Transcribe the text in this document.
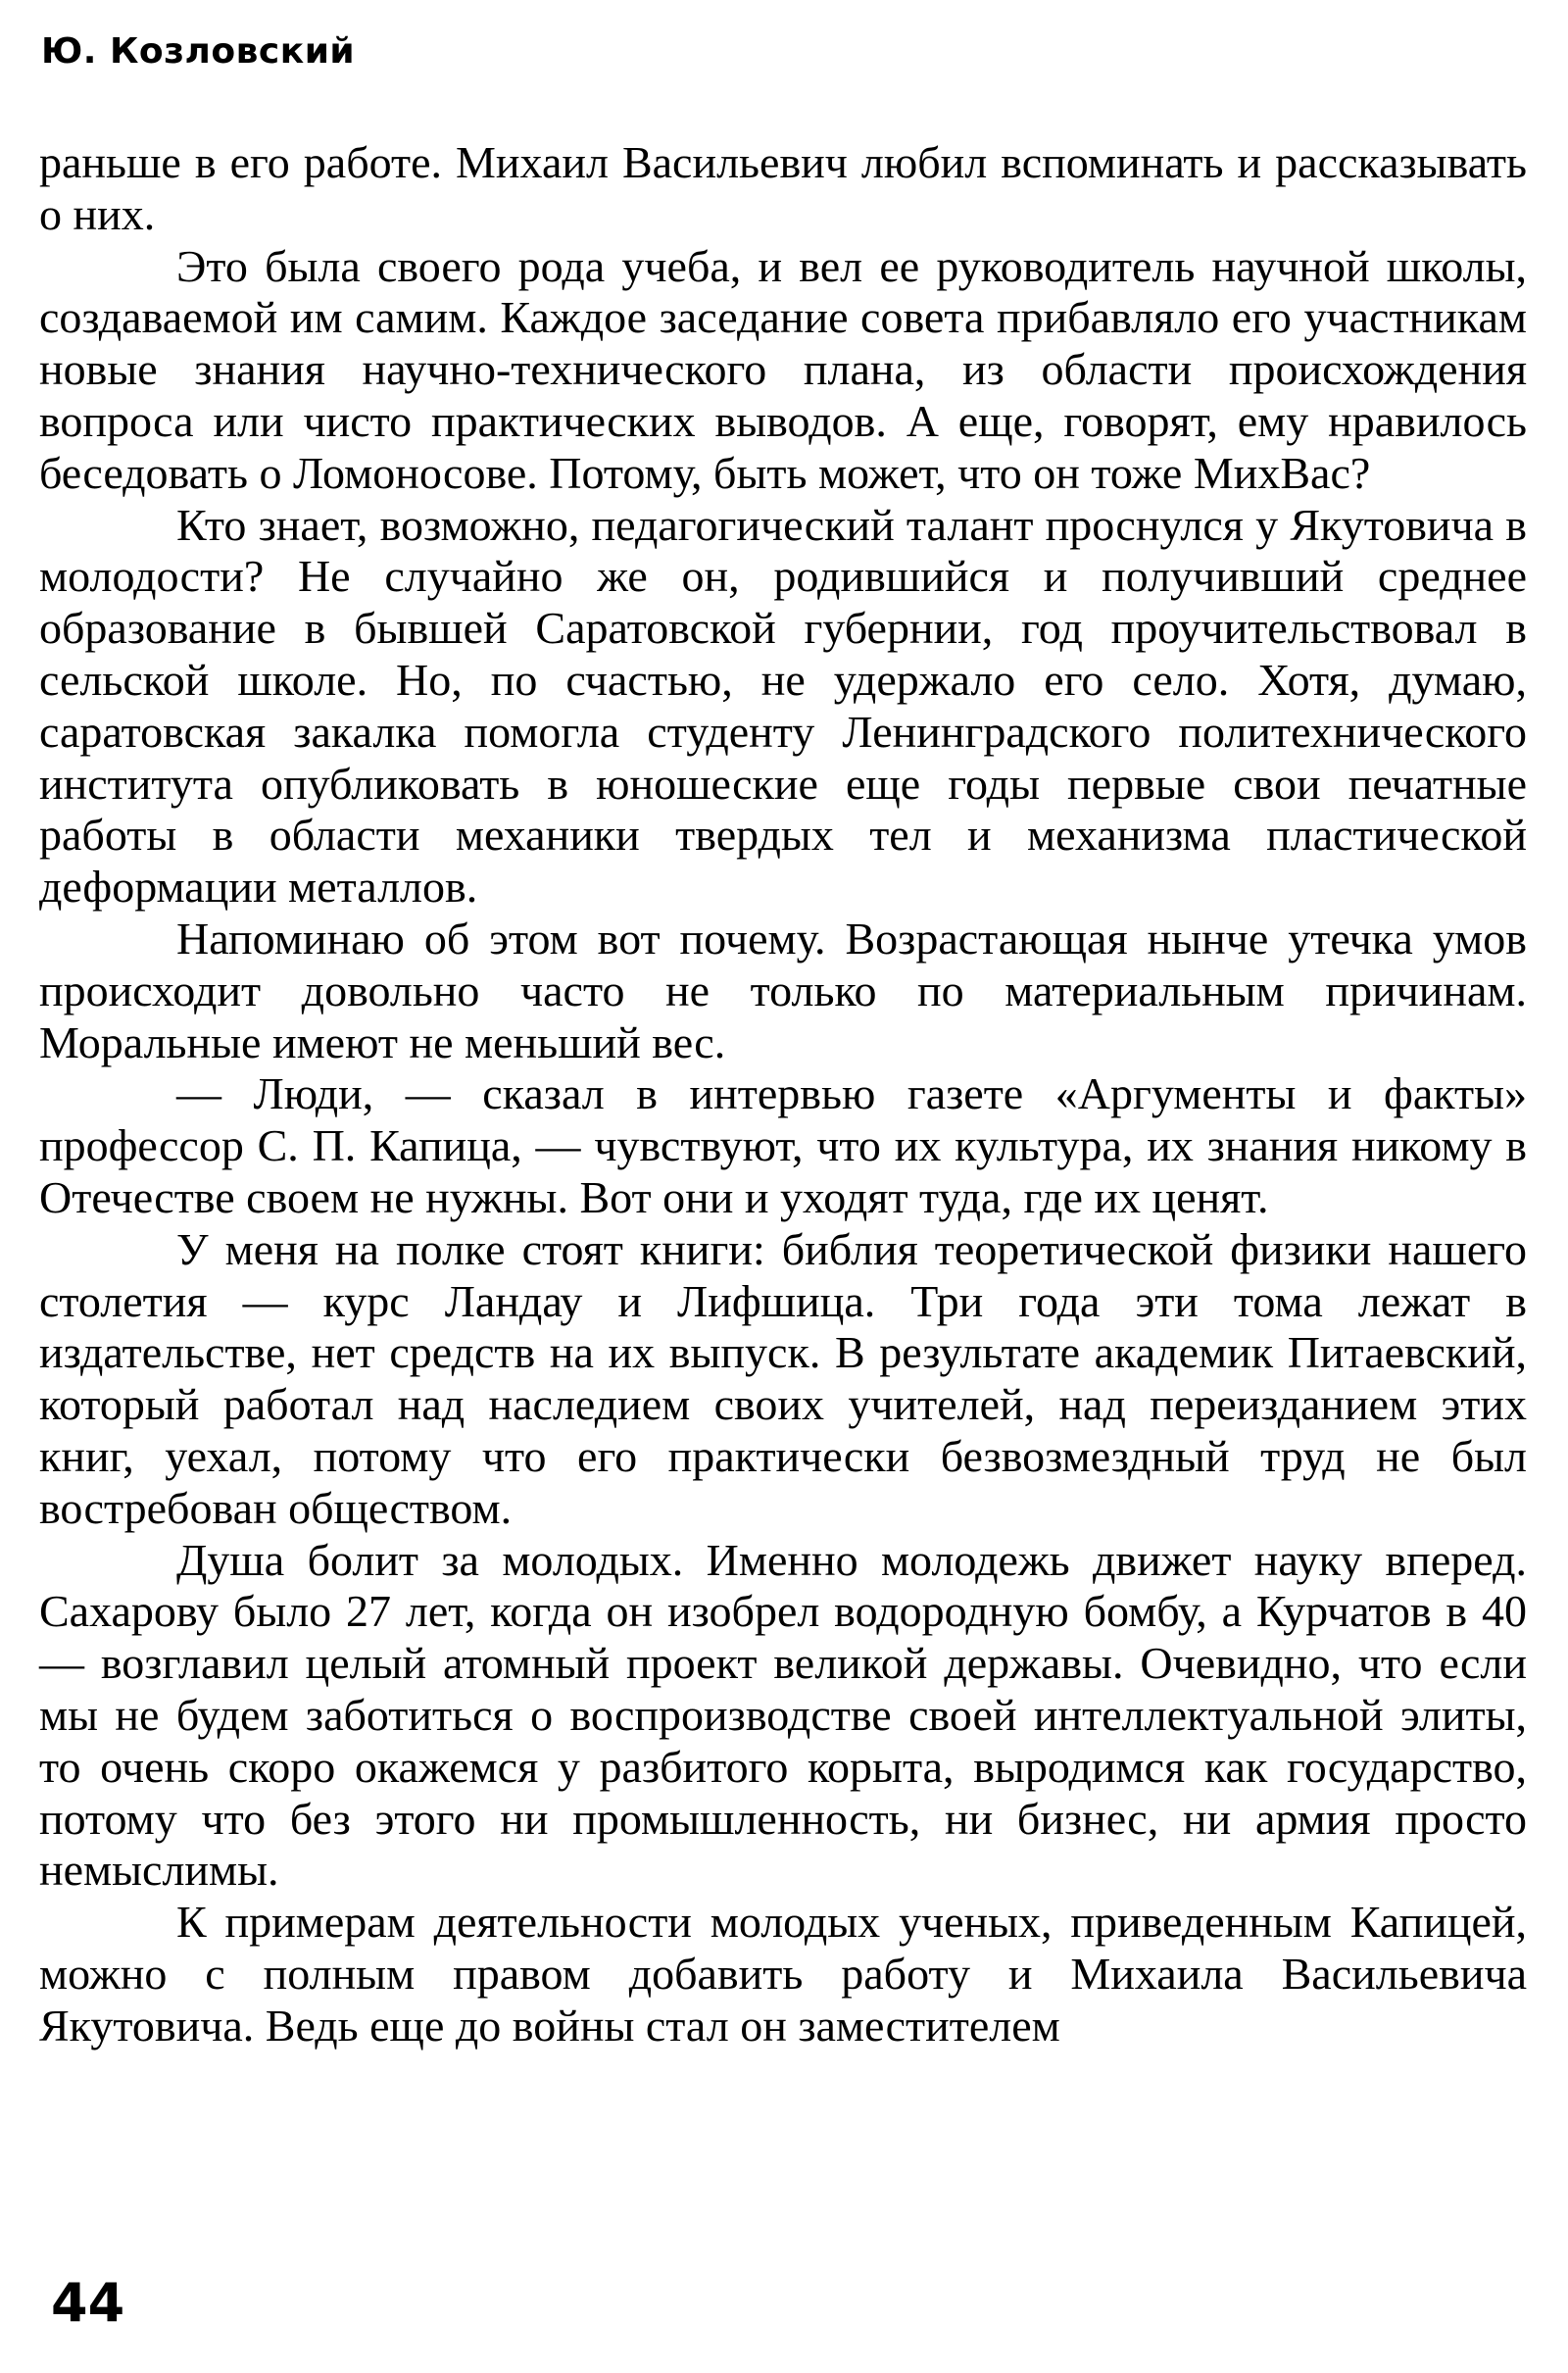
Ю. Козловский

раньше в его работе. Михаил Васильевич любил вспоминать и рассказывать о них.

Это была своего рода учеба, и вел ее руководитель научной школы, создаваемой им самим. Каждое заседание совета прибавляло его участникам новые знания научно-технического плана, из области происхождения вопроса или чисто практических выводов. А еще, говорят, ему нравилось беседовать о Ломоносове. Потому, быть может, что он тоже МихВас?

Кто знает, возможно, педагогический талант проснулся у Якутовича в молодости? Не случайно же он, родившийся и получивший среднее образование в бывшей Саратовской губернии, год проучительствовал в сельской школе. Но, по счастью, не удержало его село. Хотя, думаю, саратовская закалка помогла студенту Ленинградского политехнического института опубликовать в юношеские еще годы первые свои печатные работы в области механики твердых тел и механизма пластической деформации металлов.

Напоминаю об этом вот почему. Возрастающая нынче утечка умов происходит довольно часто не только по материальным причинам. Моральные имеют не меньший вес.

— Люди, — сказал в интервью газете «Аргументы и факты» профессор С. П. Капица, — чувствуют, что их культура, их знания никому в Отечестве своем не нужны. Вот они и уходят туда, где их ценят.

У меня на полке стоят книги: библия теоретической физики нашего столетия — курс Ландау и Лифшица. Три года эти тома лежат в издательстве, нет средств на их выпуск. В результате академик Питаевский, который работал над наследием своих учителей, над переизданием этих книг, уехал, потому что его практически безвозмездный труд не был востребован обществом.

Душа болит за молодых. Именно молодежь движет науку вперед. Сахарову было 27 лет, когда он изобрел водородную бомбу, а Курчатов в 40 — возглавил целый атомный проект великой державы. Очевидно, что если мы не будем заботиться о воспроизводстве своей интеллектуальной элиты, то очень скоро окажемся у разбитого корыта, выродимся как государство, потому что без этого ни промышленность, ни бизнес, ни армия просто немыслимы.

К примерам деятельности молодых ученых, приведенным Капицей, можно с полным правом добавить работу и Михаила Васильевича Якутовича. Ведь еще до войны стал он заместителем

44
